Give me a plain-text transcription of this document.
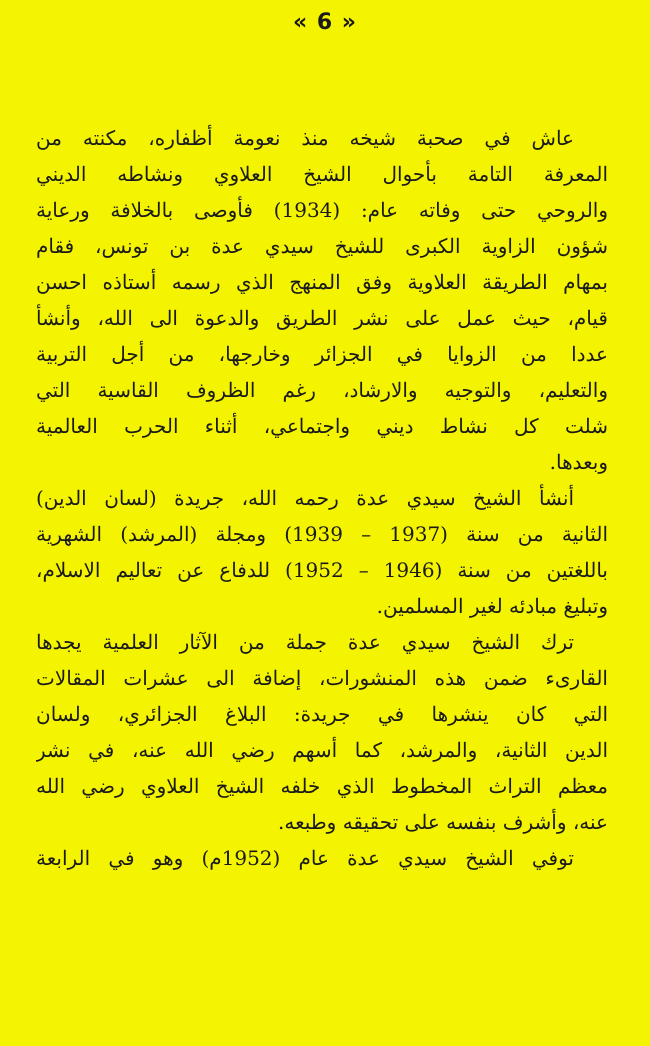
« 6 »
عاش في صحبة شيخه منذ نعومة أظفاره، مكنته من
المعرفة التامة بأحوال الشيخ العلاوي ونشاطه الديني
والروحي حتى وفاته عام: (1934) فأوصى بالخلافة ورعاية
شؤون الزاوية الكبرى للشيخ سيدي عدة بن تونس، فقام
بمهام الطريقة العلاوية وفق المنهج الذي رسمه أستاذه احسن
قيام، حيث عمل على نشر الطريق والدعوة الى الله، وأنشأ
عددا من الزوايا في الجزائر وخارجها، من أجل التربية
والتعليم، والتوجيه والارشاد، رغم الظروف القاسية التي
شلت كل نشاط ديني واجتماعي، أثناء الحرب العالمية
وبعدها.
أنشأ الشيخ سيدي عدة رحمه الله، جريدة (لسان الدين)
الثانية من سنة (1937 – 1939) ومجلة (المرشد) الشهرية
باللغتين من سنة (1946 – 1952) للدفاع عن تعاليم الاسلام،
وتبليغ مبادئه لغير المسلمين.
ترك الشيخ سيدي عدة جملة من الآثار العلمية يجدها
القارىء ضمن هذه المنشورات، إضافة الى عشرات المقالات
التي كان ينشرها في جريدة: البلاغ الجزائري، ولسان
الدين الثانية، والمرشد، كما أسهم رضي الله عنه، في نشر
معظم التراث المخطوط الذي خلفه الشيخ العلاوي رضي الله
عنه، وأشرف بنفسه على تحقيقه وطبعه.
توفي الشيخ سيدي عدة عام (1952م) وهو في الرابعة
